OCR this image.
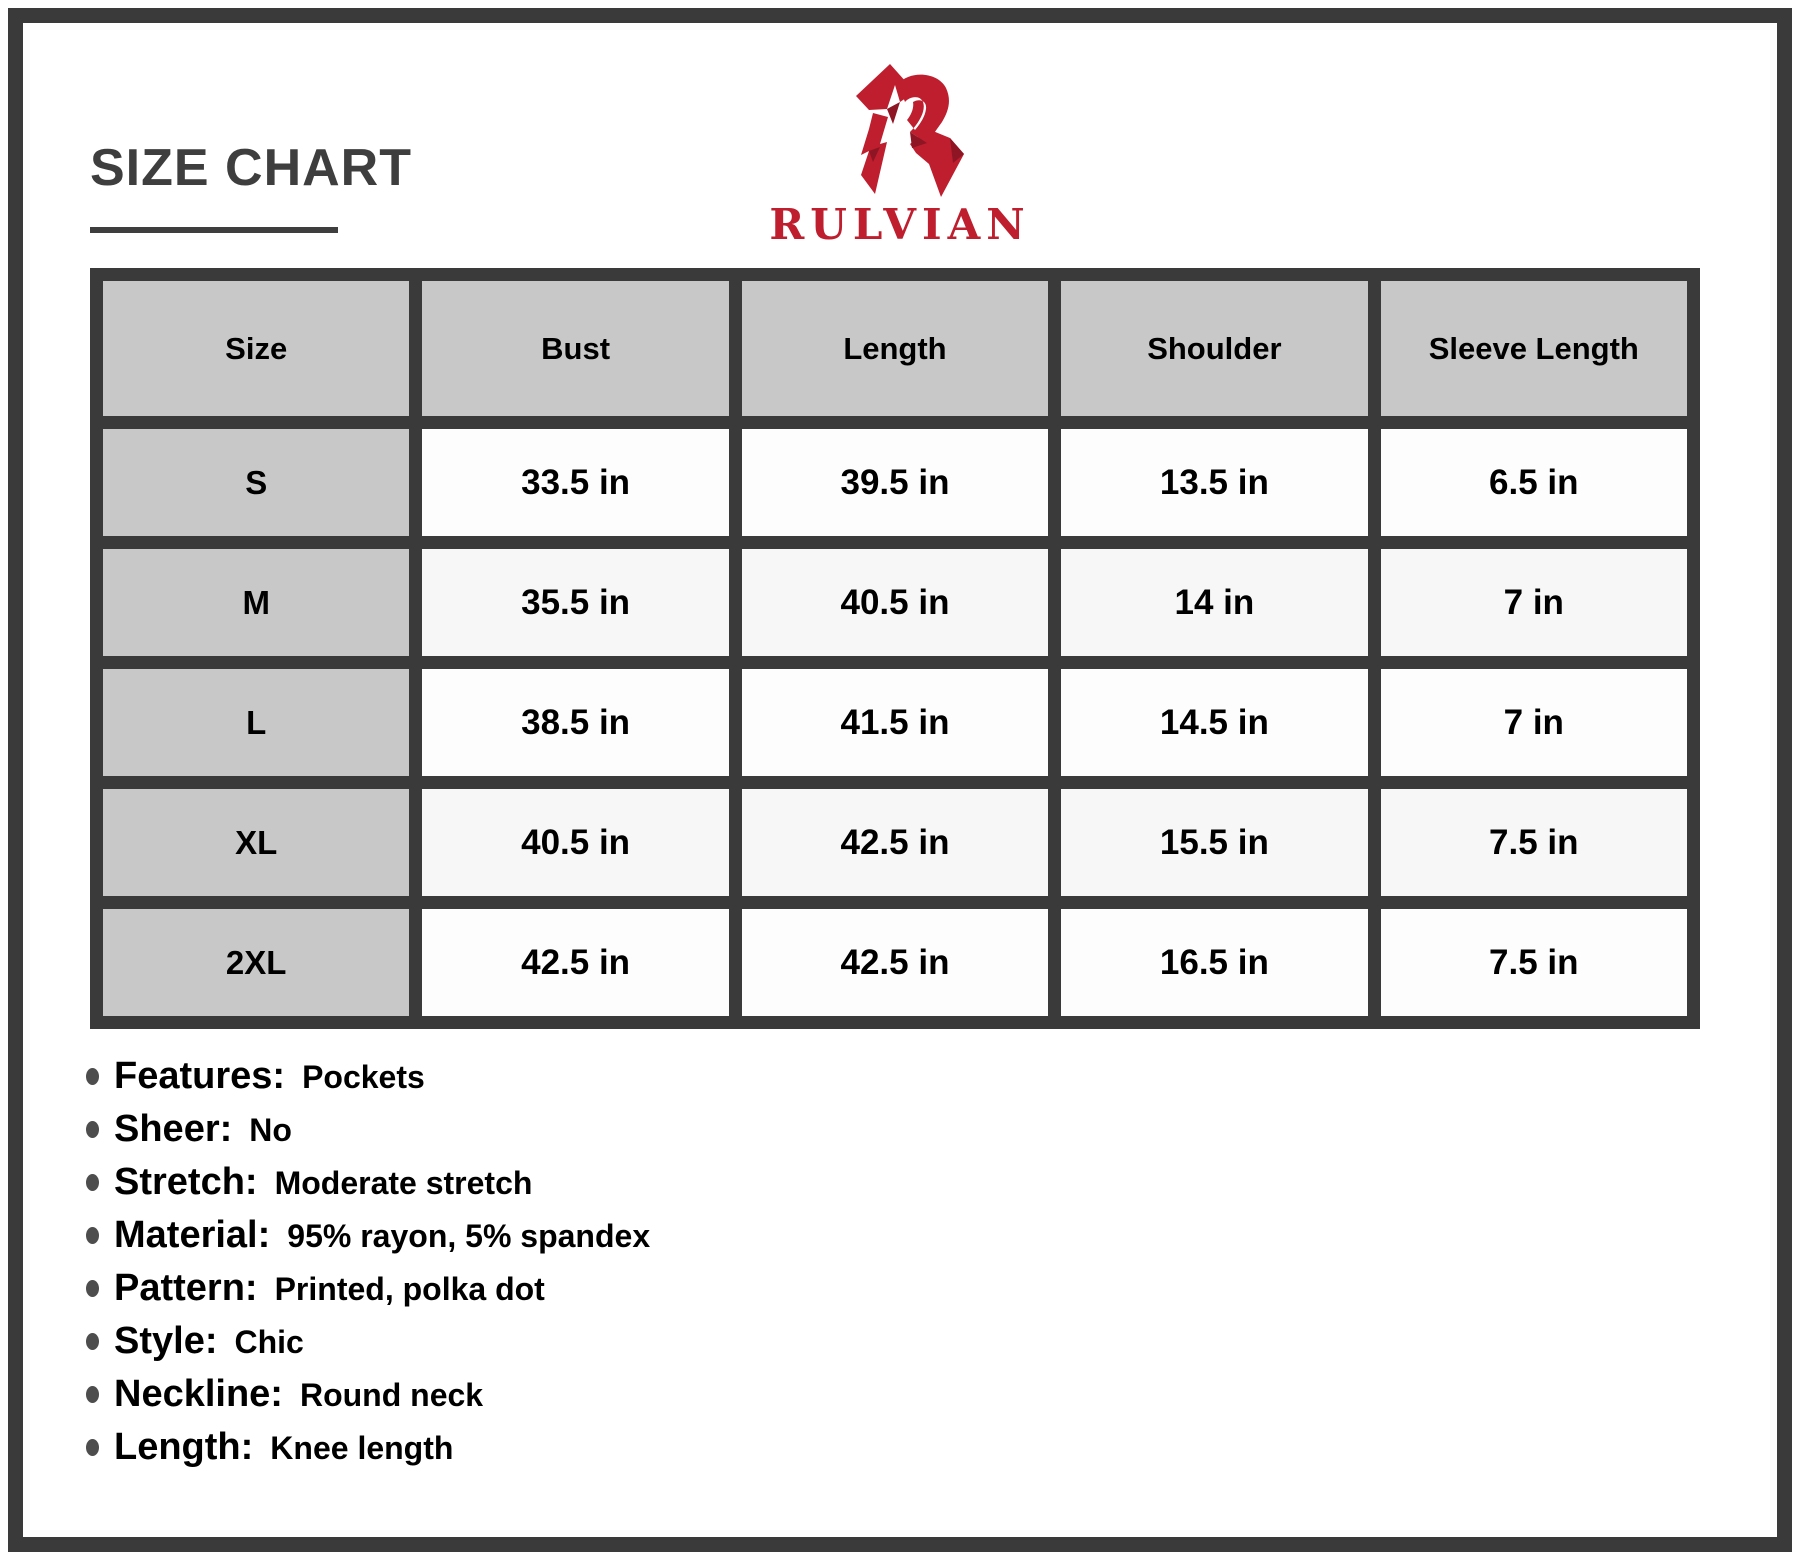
SIZE CHART
RULVIAN
Size	Bust	Length	Shoulder	Sleeve Length
S	33.5 in	39.5 in	13.5 in	6.5 in
M	35.5 in	40.5 in	14 in	7 in
L	38.5 in	41.5 in	14.5 in	7 in
XL	40.5 in	42.5 in	15.5 in	7.5 in
2XL	42.5 in	42.5 in	16.5 in	7.5 in
Features: Pockets
Sheer: No
Stretch: Moderate stretch
Material: 95% rayon, 5% spandex
Pattern: Printed, polka dot
Style: Chic
Neckline: Round neck
Length: Knee length
